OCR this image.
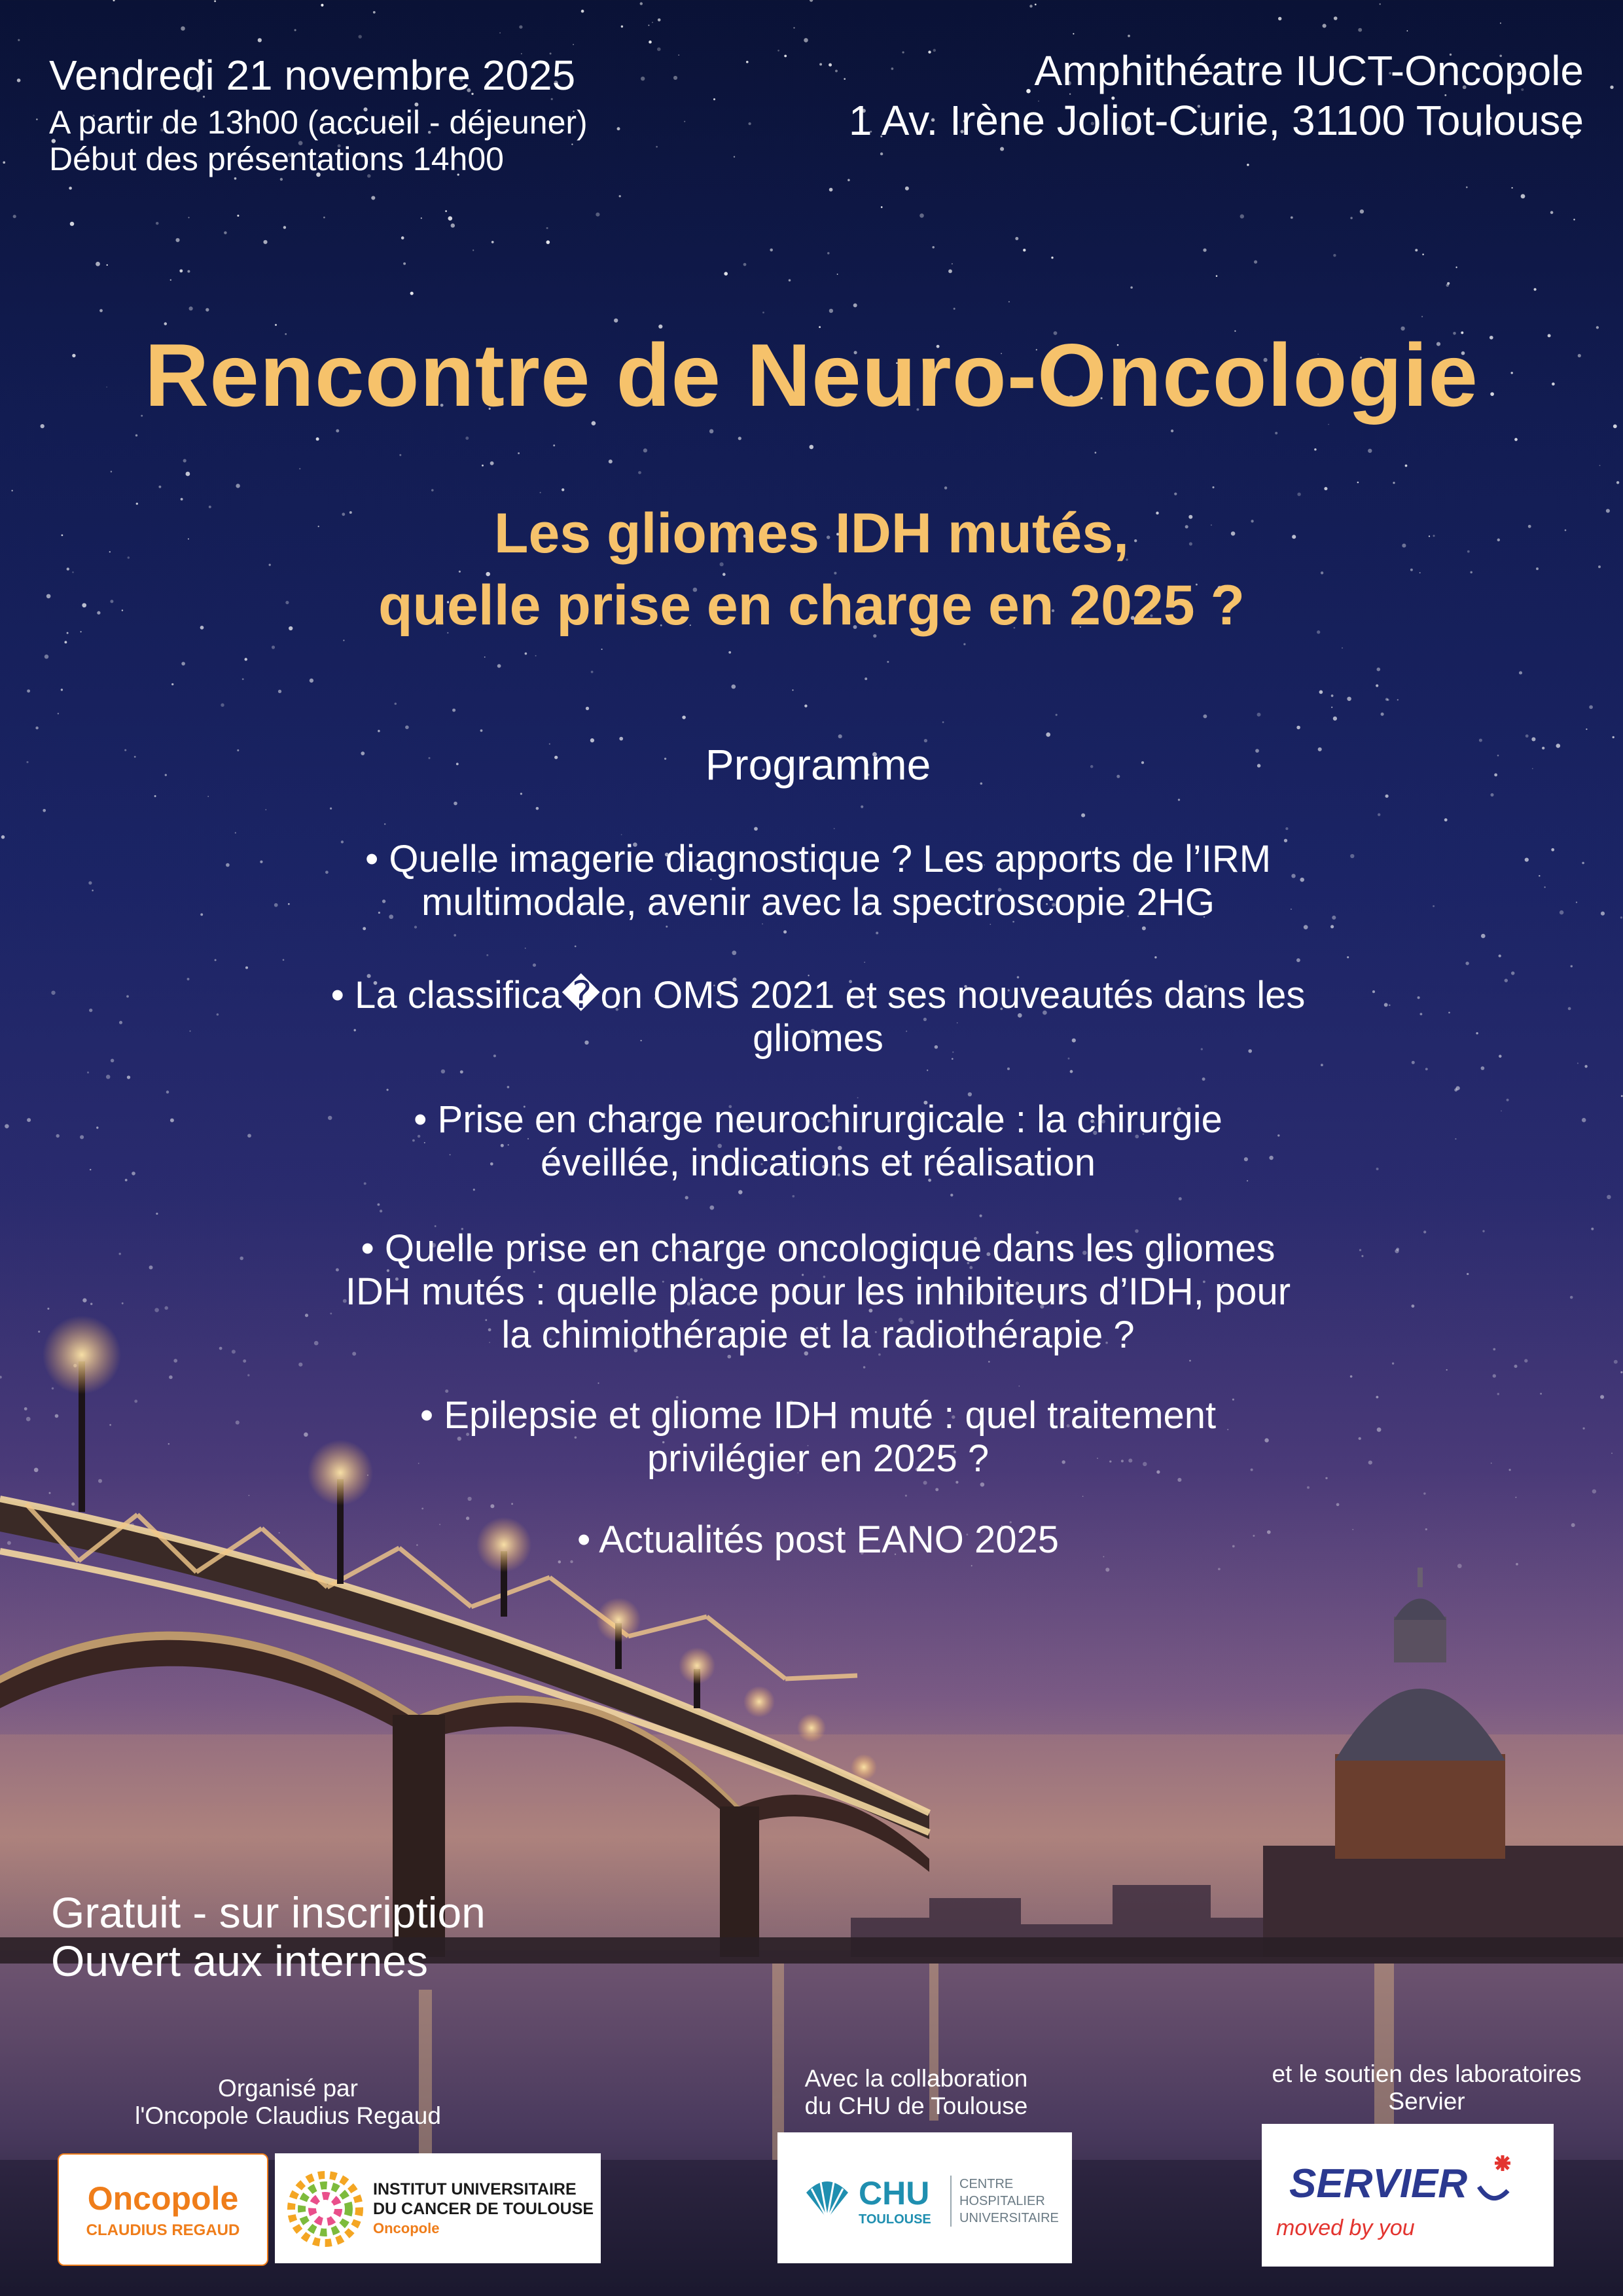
Vendredi 21 novembre 2025
A partir de 13h00 (accueil - déjeuner)
Début des présentations 14h00
Amphithéatre IUCT-Oncopole
1 Av. Irène Joliot-Curie, 31100 Toulouse
Rencontre de Neuro-Oncologie
Les gliomes IDH mutés,
quelle prise en charge en 2025 ?
Programme
• Quelle imagerie diagnostique ? Les apports de l’IRM
multimodale, avenir avec la spectroscopie 2HG
• La classifica�on OMS 2021 et ses nouveautés dans les
gliomes
• Prise en charge neurochirurgicale : la chirurgie
éveillée, indications et réalisation
• Quelle prise en charge oncologique dans les gliomes
IDH mutés : quelle place pour les inhibiteurs d’IDH, pour
la chimiothérapie et la radiothérapie ?
• Epilepsie et gliome IDH muté : quel traitement
privilégier en 2025 ?
• Actualités post EANO 2025
Gratuit - sur inscription
Ouvert aux internes
Organisé par
l'Oncopole Claudius Regaud
Oncopole
CLAUDIUS REGAUD
INSTITUT UNIVERSITAIRE
DU CANCER DE TOULOUSE
Oncopole
Avec la collaboration
du CHU de Toulouse
CHU
TOULOUSE
CENTRE
HOSPITALIER
UNIVERSITAIRE
et le soutien des laboratoires
Servier
SERVIER
moved by you
